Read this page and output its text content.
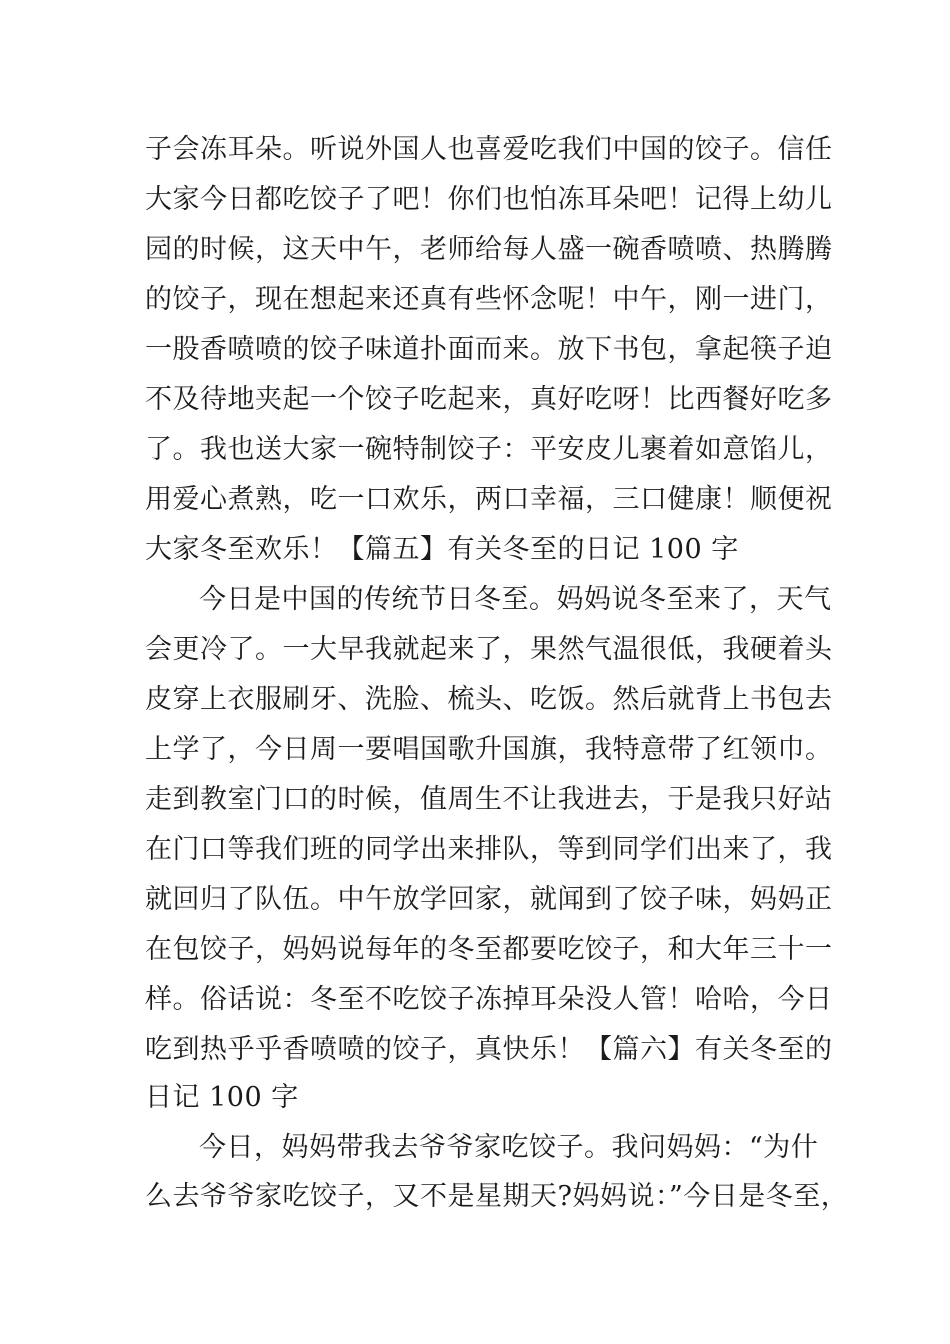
子会冻耳朵。听说外国人也喜爱吃我们中国的饺子。信任
大家今日都吃饺子了吧！你们也怕冻耳朵吧！记得上幼儿
园的时候，这天中午，老师给每人盛一碗香喷喷、热腾腾
的饺子，现在想起来还真有些怀念呢！中午，刚一进门，
一股香喷喷的饺子味道扑面而来。放下书包，拿起筷子迫
不及待地夹起一个饺子吃起来，真好吃呀！比西餐好吃多
了。我也送大家一碗特制饺子：平安皮儿裹着如意馅儿，
用爱心煮熟，吃一口欢乐，两口幸福，三口健康！顺便祝
大家冬至欢乐！【篇五】有关冬至的日记 100 字
今日是中国的传统节日冬至。妈妈说冬至来了，天气
会更冷了。一大早我就起来了，果然气温很低，我硬着头
皮穿上衣服刷牙、洗脸、梳头、吃饭。然后就背上书包去
上学了，今日周一要唱国歌升国旗，我特意带了红领巾。
走到教室门口的时候，值周生不让我进去，于是我只好站
在门口等我们班的同学出来排队，等到同学们出来了，我
就回归了队伍。中午放学回家，就闻到了饺子味，妈妈正
在包饺子，妈妈说每年的冬至都要吃饺子，和大年三十一
样。俗话说：冬至不吃饺子冻掉耳朵没人管！哈哈，今日
吃到热乎乎香喷喷的饺子，真快乐！【篇六】有关冬至的
日记 100 字
今日，妈妈带我去爷爷家吃饺子。我问妈妈：“为什
么去爷爷家吃饺子，又不是星期天?妈妈说：”今日是冬至，
